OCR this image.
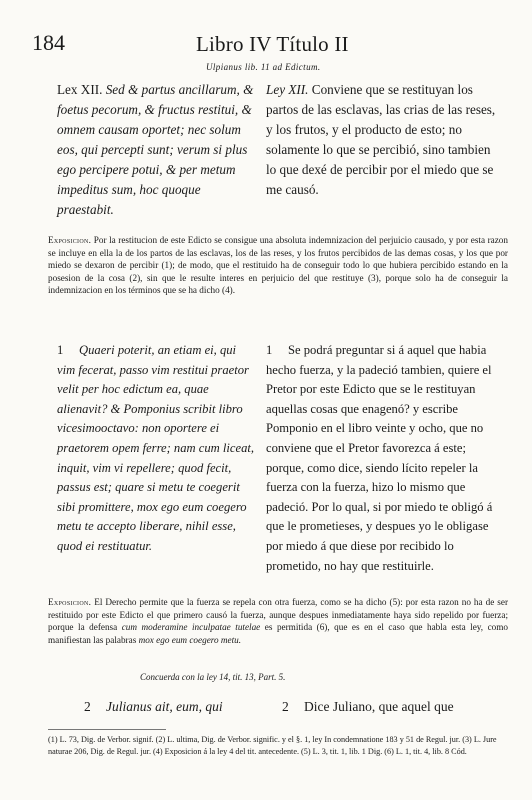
184	Libro IV Título II
Ulpianus lib. 11 ad Edictum.

Lex XII. Sed & partus ancillarum, & foetus pecorum, & fructus restitui, & omnem causam oportet; nec solum eos, qui percepti sunt; verum si plus ego percipere potui, & per metum impeditus sum, hoc quoque praestabit.

Ley XII. Conviene que se restituyan los partos de las esclavas, las crias de las reses, y los frutos, y el producto de esto; no solamente lo que se percibió, sino tambien lo que dexé de percibir por el miedo que se me causó.

Exposicion. Por la restitucion de este Edicto se consigue una absoluta indemnizacion del perjuicio causado, y por esta razon se incluye en ella la de los partos de las esclavas, los de las reses, y los frutos percibidos de las demas cosas, y los que por miedo se dexaron de percibir (1); de modo, que el restituido ha de conseguir todo lo que hubiera percibido estando en la posesion de la cosa (2), sin que le resulte interes en perjuicio del que restituye (3), porque solo ha de conseguir la indemnizacion en los términos que se ha dicho (4).

1 Quaeri poterit, an etiam ei, qui vim fecerat, passo vim restitui praetor velit per hoc edictum ea, quae alienavit? & Pomponius scribit libro vicesimooctavo: non oportere ei praetorem opem ferre; nam cum liceat, inquit, vim vi repellere; quod fecit, passus est; quare si metu te coegerit sibi promittere, mox ego eum coegero metu te accepto liberare, nihil esse, quod ei restituatur.

1 Se podrá preguntar si á aquel que habia hecho fuerza, y la padeció tambien, quiere el Pretor por este Edicto que se le restituyan aquellas cosas que enagenó? y escribe Pomponio en el libro veinte y ocho, que no conviene que el Pretor favorezca á este; porque, como dice, siendo lícito repeler la fuerza con la fuerza, hizo lo mismo que padeció. Por lo qual, si por miedo te obligó á que le prometieses, y despues yo le obligase por miedo á que diese por recibido lo prometido, no hay que restituirle.

Exposicion. El Derecho permite que la fuerza se repela con otra fuerza, como se ha dicho (5): por esta razon no ha de ser restituido por este Edicto el que primero causó la fuerza, aunque despues inmediatamente haya sido repelido por fuerza; porque la defensa cum moderamine inculpatae tutelae es permitida (6), que es en el caso que habla esta ley, como manifiestan las palabras mox ego eum coegero metu.

Concuerda con la ley 14, tit. 13, Part. 5.
2 Julianus ait, eum, qui	2 Dice Juliano, que aquel que

(1) L. 73, Dig. de Verbor. signif. (2) L. ultima, Dig. de Verbor. signific. y el §. 1, ley In condemnatione 183 y 51 de Regul. jur. (3) L. Jure naturae 206, Dig. de Regul. jur. (4) Exposicion á la ley 4 del tit. antecedente. (5) L. 3, tit. 1, lib. 1 Dig. (6) L. 1, tit. 4, lib. 8 Cód.
